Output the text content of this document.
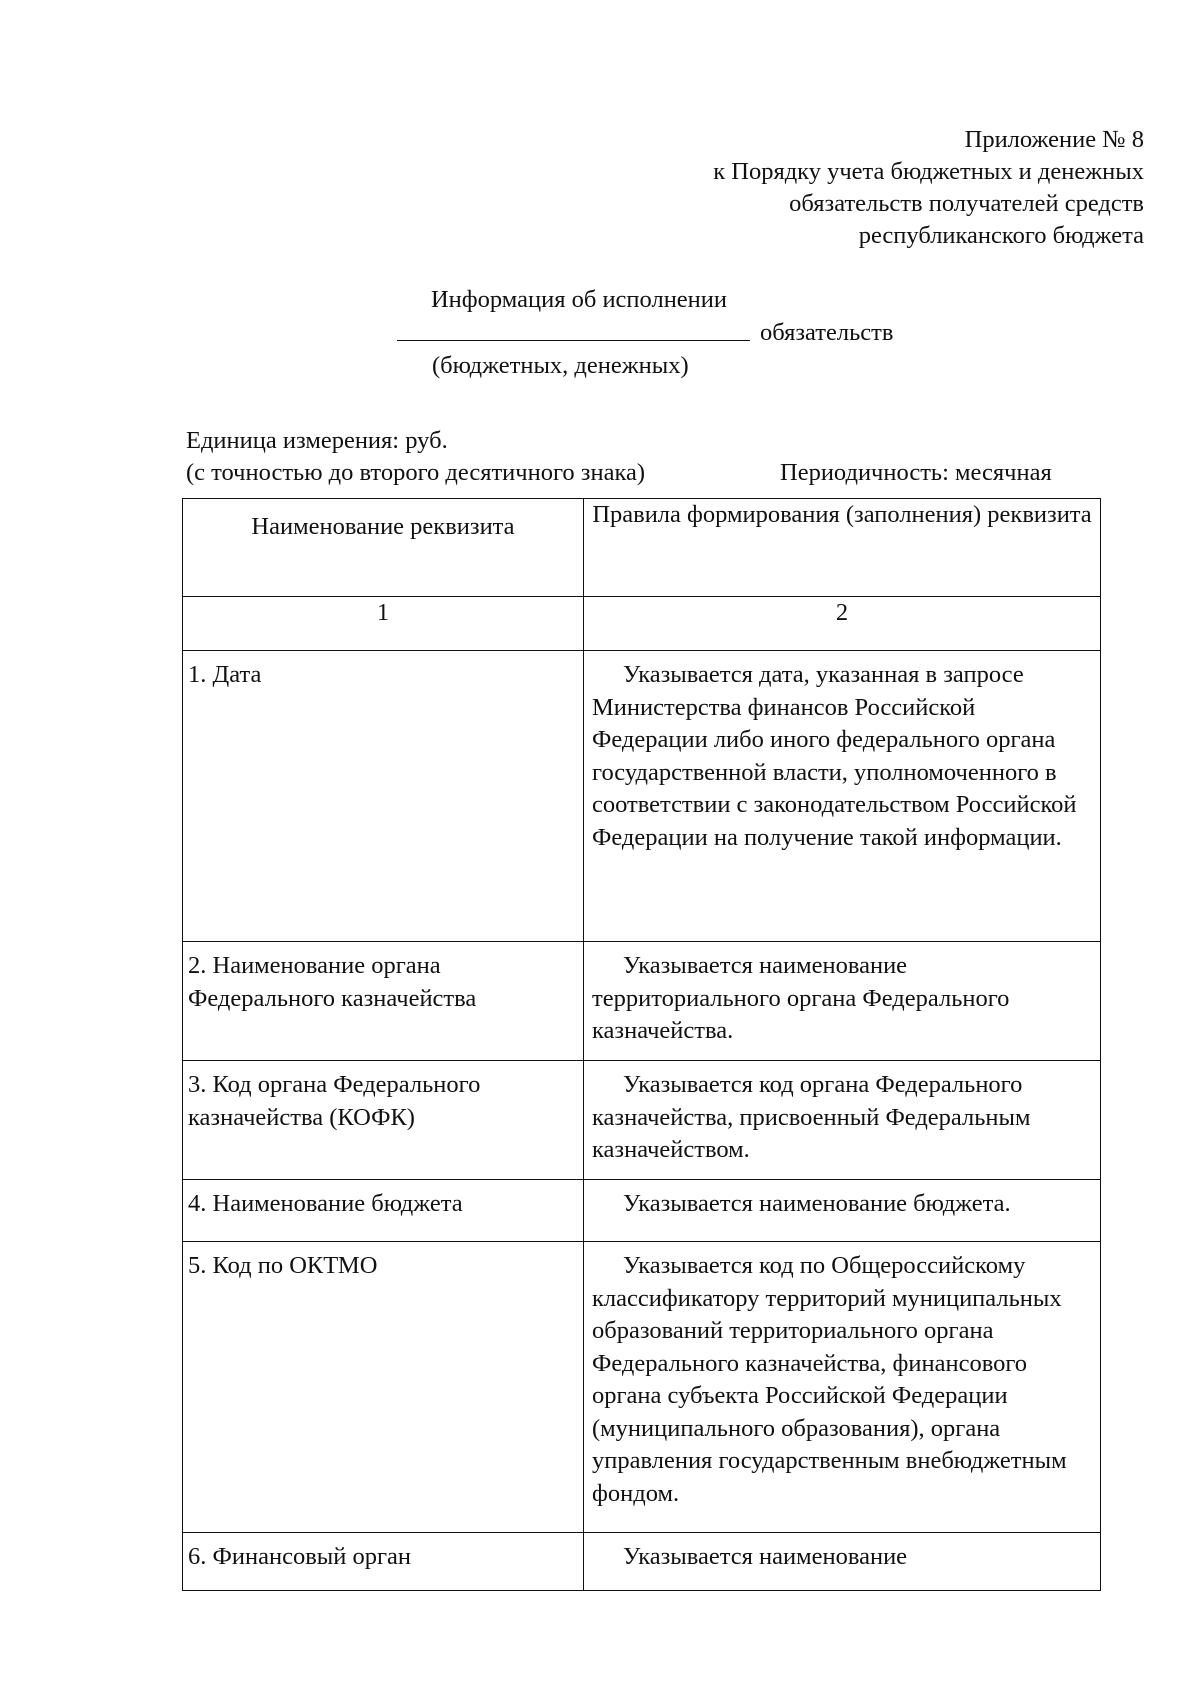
Приложение № 8
к Порядку учета бюджетных и денежных
обязательств получателей средств
республиканского бюджета
Информация об исполнении
обязательств
(бюджетных, денежных)
Единица измерения: руб.
(с точностью до второго десятичного знака)	Периодичность: месячная
Наименование реквизита	Правила формирования (заполнения) реквизита
1	2
1. Дата	Указывается дата, указанная в запросе Министерства финансов Российской Федерации либо иного федерального органа государственной власти, уполномоченного в соответствии с законодательством Российской Федерации на получение такой информации.
2. Наименование органа Федерального казначейства	Указывается наименование территориального органа Федерального казначейства.
3. Код органа Федерального казначейства (КОФК)	Указывается код органа Федерального казначейства, присвоенный Федеральным казначейством.
4. Наименование бюджета	Указывается наименование бюджета.
5. Код по ОКТМО	Указывается код по Общероссийскому классификатору территорий муниципальных образований территориального органа Федерального казначейства, финансового органа субъекта Российской Федерации (муниципального образования), органа управления государственным внебюджетным фондом.
6. Финансовый орган	Указывается наименование
